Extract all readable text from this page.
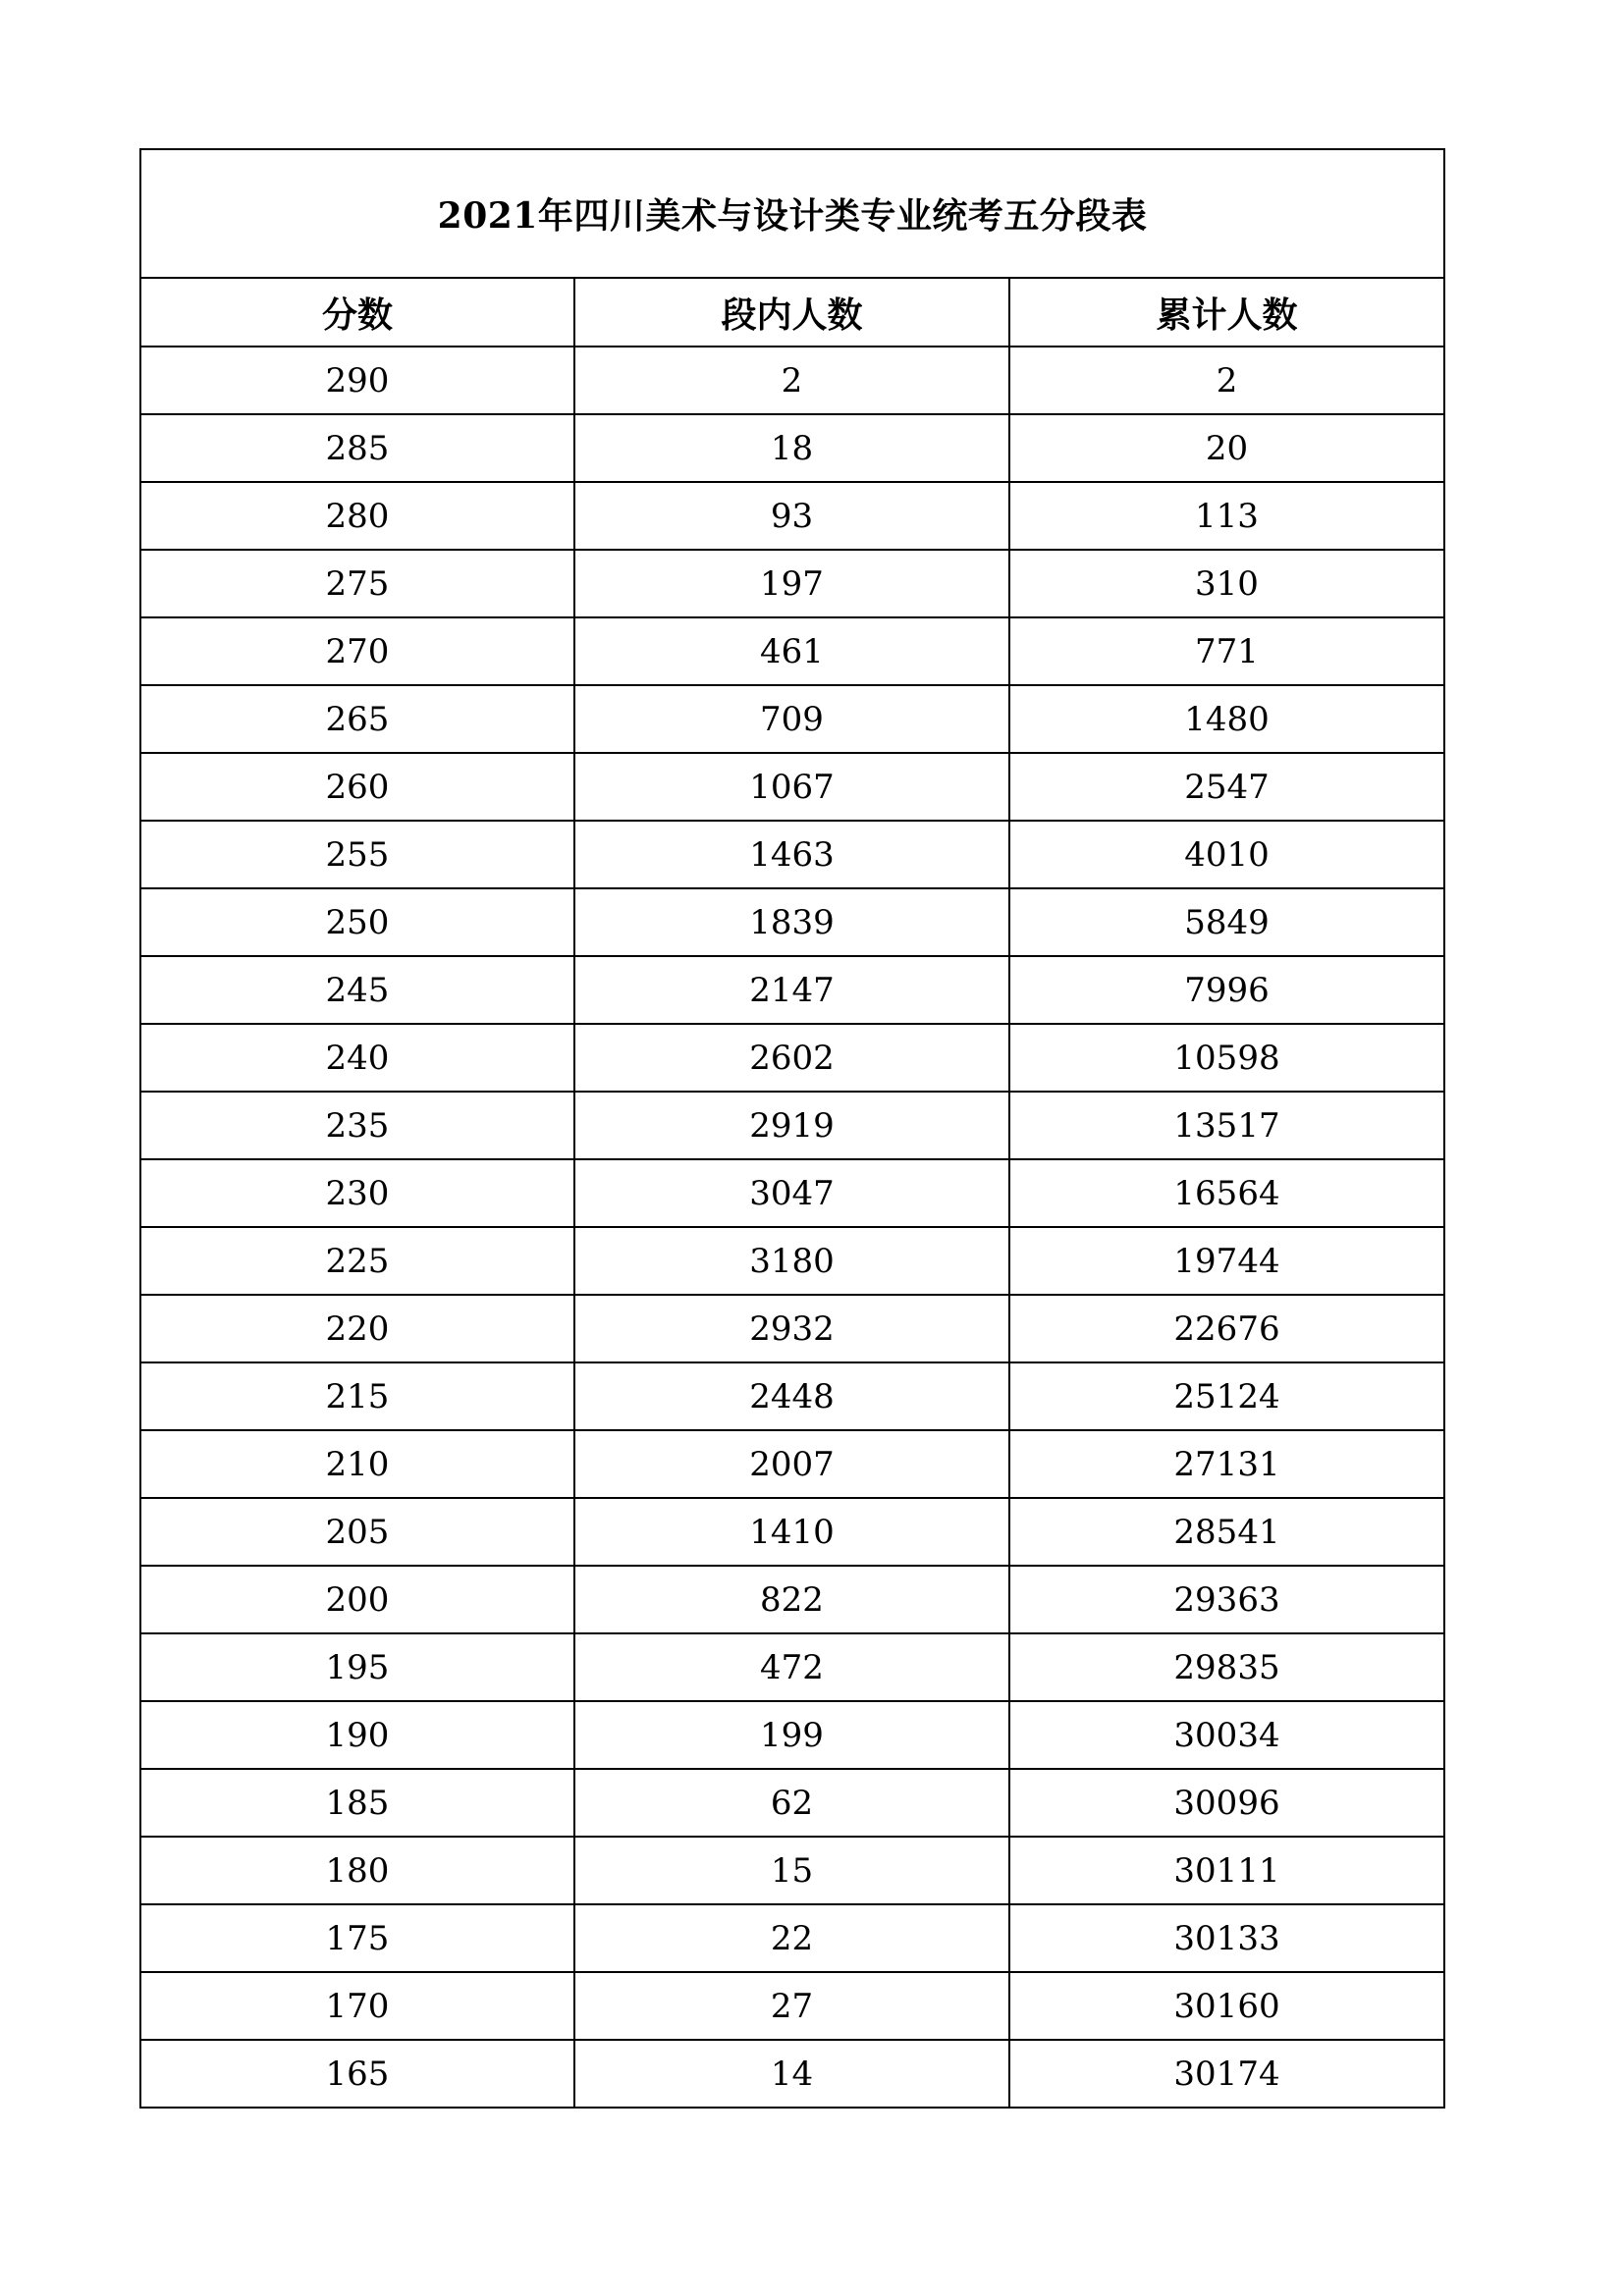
2021年四川美术与设计类专业统考五分段表		
分数	段内人数	累计人数
290	2	2
285	18	20
280	93	113
275	197	310
270	461	771
265	709	1480
260	1067	2547
255	1463	4010
250	1839	5849
245	2147	7996
240	2602	10598
235	2919	13517
230	3047	16564
225	3180	19744
220	2932	22676
215	2448	25124
210	2007	27131
205	1410	28541
200	822	29363
195	472	29835
190	199	30034
185	62	30096
180	15	30111
175	22	30133
170	27	30160
165	14	30174
